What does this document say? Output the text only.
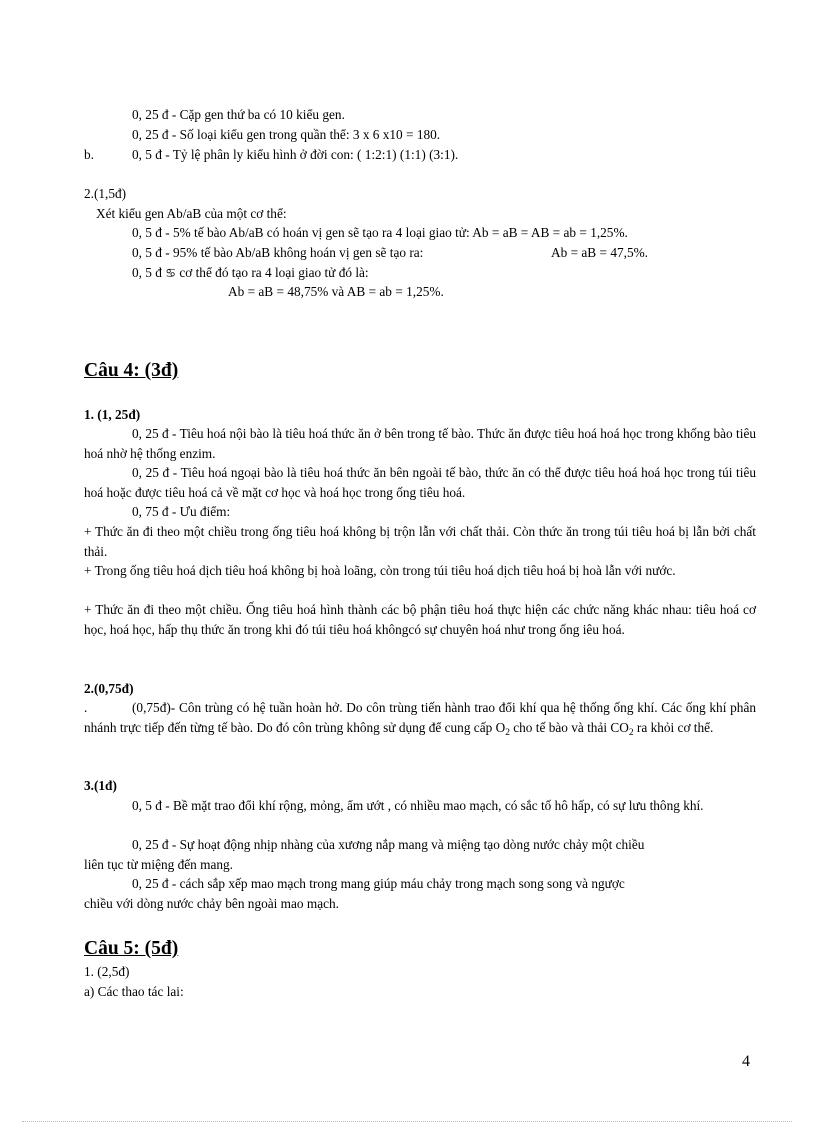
0, 25 đ - Cặp gen thứ ba có 10 kiểu gen.
0, 25 đ - Số loại kiểu gen trong quần thể: 3 x 6 x10 = 180.
b.	0, 5 đ - Tỷ lệ phân ly kiểu hình ở đời con: ( 1:2:1) (1:1) (3:1).
2.(1,5đ)
Xét kiểu gen Ab/aB của một cơ thể:
0, 5 đ - 5% tế bào Ab/aB có hoán vị gen sẽ tạo ra 4 loại giao tử: Ab = aB = AB = ab = 1,25%.
0, 5 đ - 95% tế bào Ab/aB không hoán vị gen sẽ tạo ra:	Ab = aB = 47,5%.
0, 5 đ ♋ cơ thể đó tạo ra 4 loại giao tử đó là:
Ab = aB = 48,75% và AB = ab = 1,25%.
Câu 4: (3đ)
1. (1, 25đ)
0, 25 đ - Tiêu hoá nội bào là tiêu hoá thức ăn ở bên trong tế bào. Thức ăn được tiêu hoá hoá học trong khống bào tiêu hoá nhờ hệ thống enzim.
0, 25 đ - Tiêu hoá ngoại bào là tiêu hoá thức ăn bên ngoài tế bào, thức ăn có thể được tiêu hoá hoá học trong túi tiêu hoá hoặc được tiêu hoá cả về mặt cơ học và hoá học trong ống tiêu hoá.
0, 75 đ - Ưu điểm:
+ Thức ăn đi theo một chiều trong ống tiêu hoá không bị trộn lẫn với chất thải. Còn thức ăn trong túi tiêu hoá bị lẫn bởi chất thải.
+ Trong ống tiêu hoá dịch tiêu hoá không bị hoà loãng, còn trong túi tiêu hoá dịch tiêu hoá bị hoà lẫn với nước.
+ Thức ăn đi theo một chiều. Ống tiêu hoá hình thành các bộ phận tiêu hoá thực hiện các chức năng khác nhau: tiêu hoá cơ học, hoá học, hấp thụ thức ăn trong khi đó túi tiêu hoá khôngcó sự chuyên hoá như trong ống iêu hoá.
2.(0,75đ)
.	(0,75đ)- Côn trùng có hệ tuần hoàn hở. Do côn trùng tiến hành trao đổi khí qua hệ thống ống khí. Các ống khí phân nhánh trực tiếp đến từng tế bào. Do đó côn trùng không sử dụng để cung cấp $O_2$ cho tế bào và thải $CO_2$ ra khỏi cơ thể.
3.(1đ)
0, 5 đ - Bề mặt trao đổi khí rộng, mỏng, ẩm ướt , có nhiều mao mạch, có sắc tố hô hấp, có sự lưu thông khí.
0, 25 đ - Sự hoạt động nhịp nhàng của xương nắp mang và miệng tạo dòng nước chảy một chiều
liên tục từ miệng đến mang.
0, 25 đ - cách sắp xếp mao mạch trong mang giúp máu chảy trong mạch song song và ngược
chiều với dòng nước chảy bên ngoài mao mạch.
Câu 5: (5đ)
1. (2,5đ)
a) Các thao tác lai:
4
